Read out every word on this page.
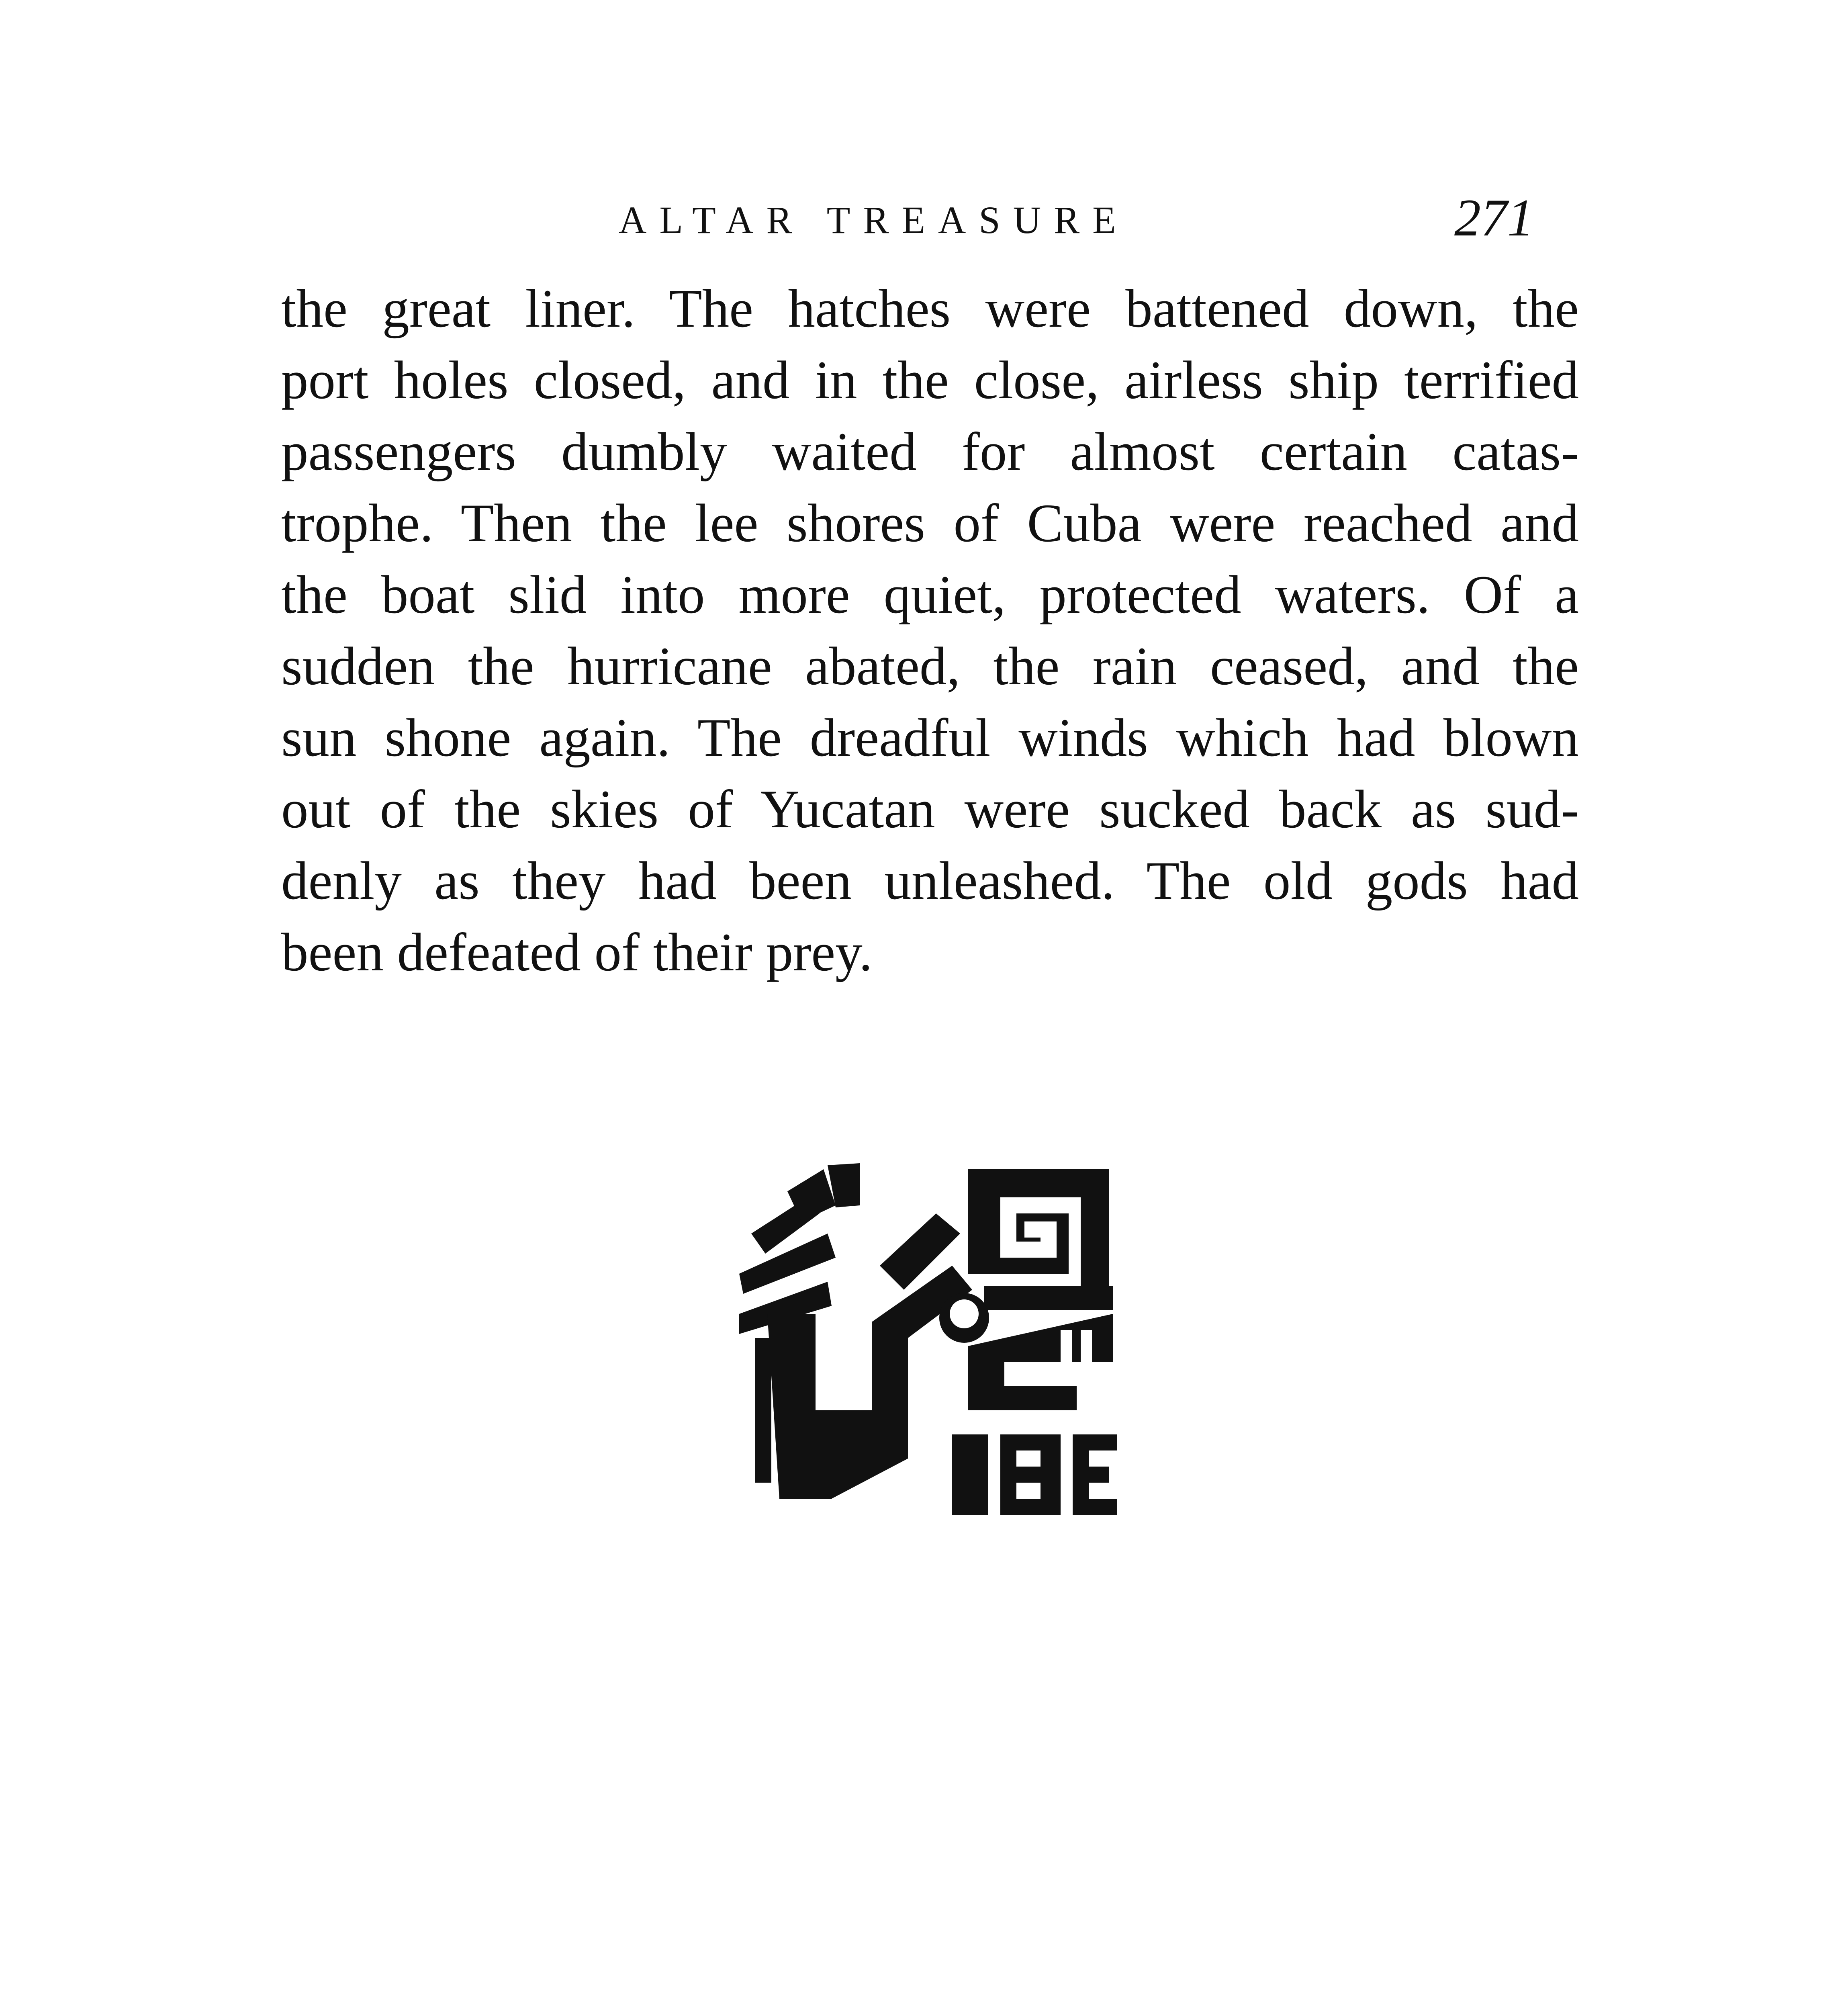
ALTAR TREASURE	271
the great liner. The hatches were battened down, the
port holes closed, and in the close, airless ship terrified
passengers dumbly waited for almost certain catas-
trophe. Then the lee shores of Cuba were reached and
the boat slid into more quiet, protected waters. Of a
sudden the hurricane abated, the rain ceased, and the
sun shone again. The dreadful winds which had blown
out of the skies of Yucatan were sucked back as sud-
denly as they had been unleashed. The old gods had
been defeated of their prey.
